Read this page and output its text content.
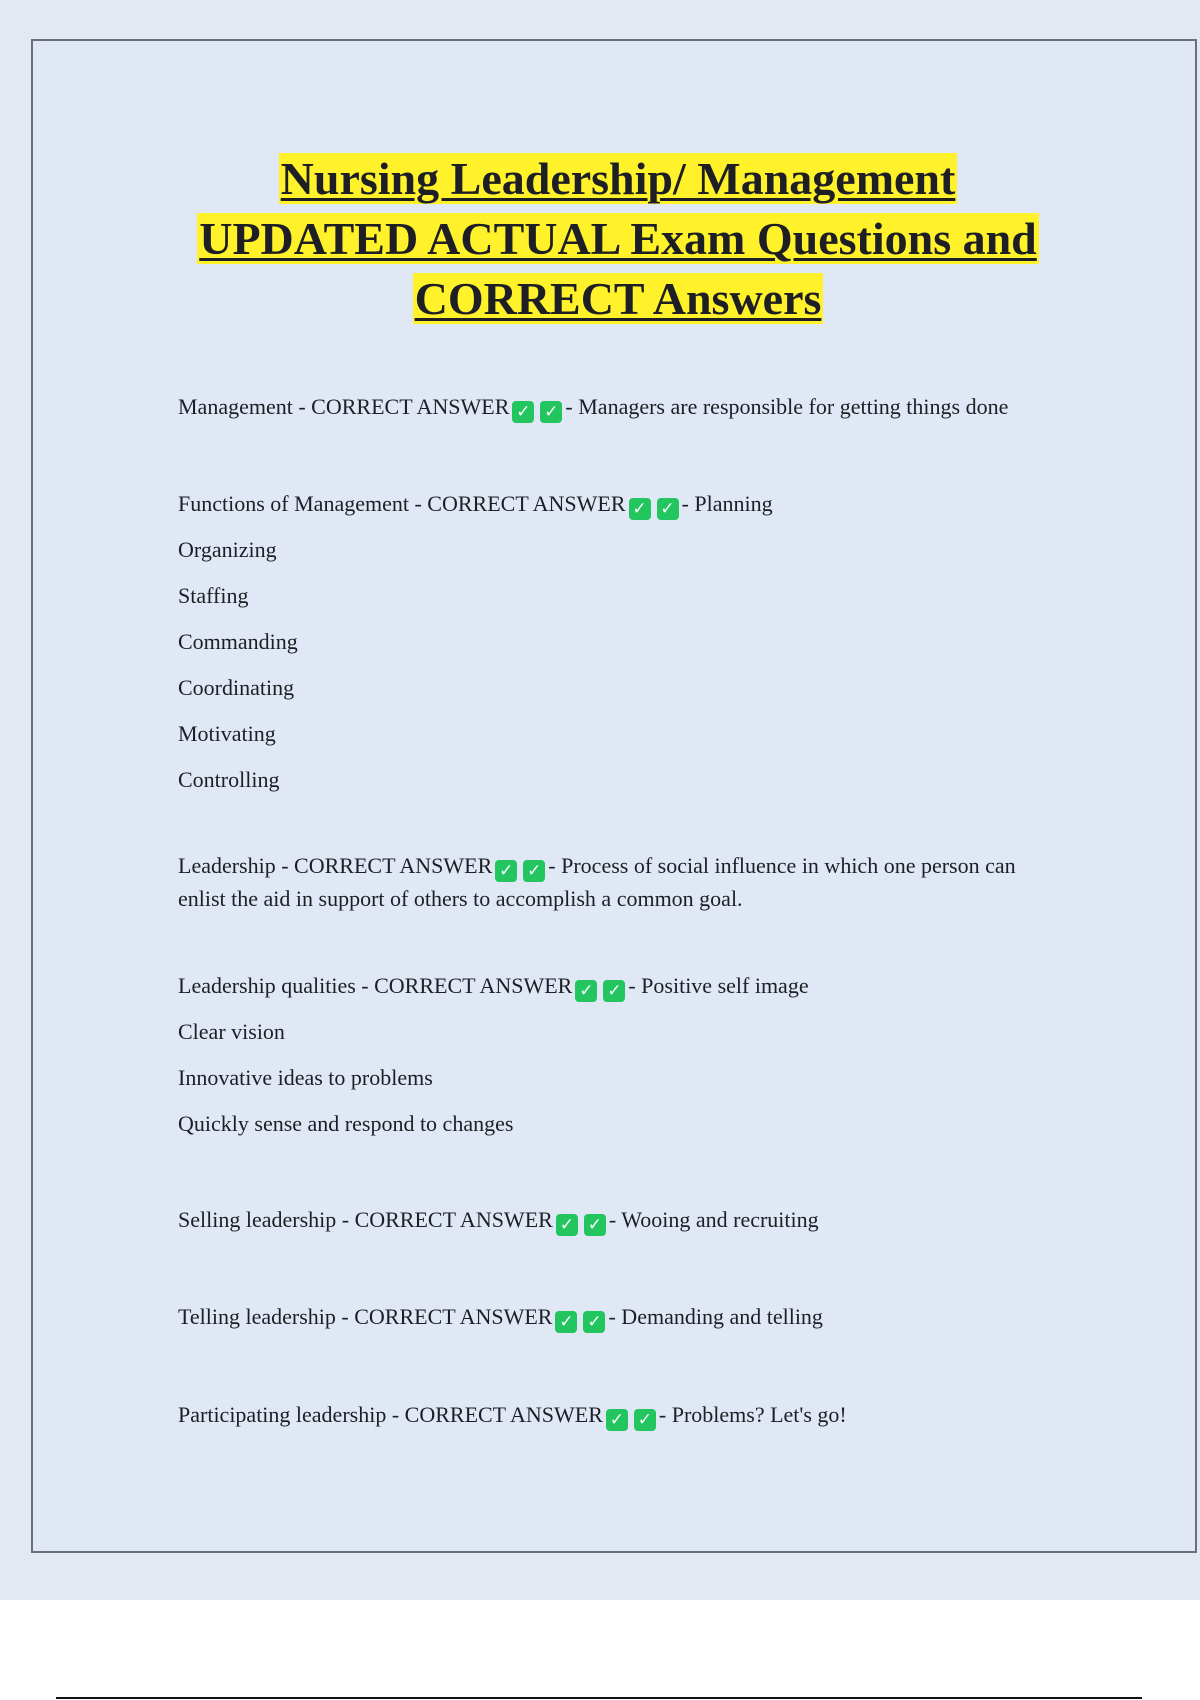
Nursing Leadership/ Management
UPDATED ACTUAL Exam Questions and
CORRECT Answers

Management - CORRECT ANSWER ✓ ✓ - Managers are responsible for getting things done

Functions of Management - CORRECT ANSWER ✓ ✓ - Planning

Organizing

Staffing

Commanding

Coordinating

Motivating

Controlling

Leadership - CORRECT ANSWER ✓ ✓ - Process of social influence in which one person can

enlist the aid in support of others to accomplish a common goal.

Leadership qualities - CORRECT ANSWER ✓ ✓ - Positive self image

Clear vision

Innovative ideas to problems

Quickly sense and respond to changes

Selling leadership - CORRECT ANSWER ✓ ✓ - Wooing and recruiting

Telling leadership - CORRECT ANSWER ✓ ✓ - Demanding and telling

Participating leadership - CORRECT ANSWER ✓ ✓ - Problems? Let's go!
